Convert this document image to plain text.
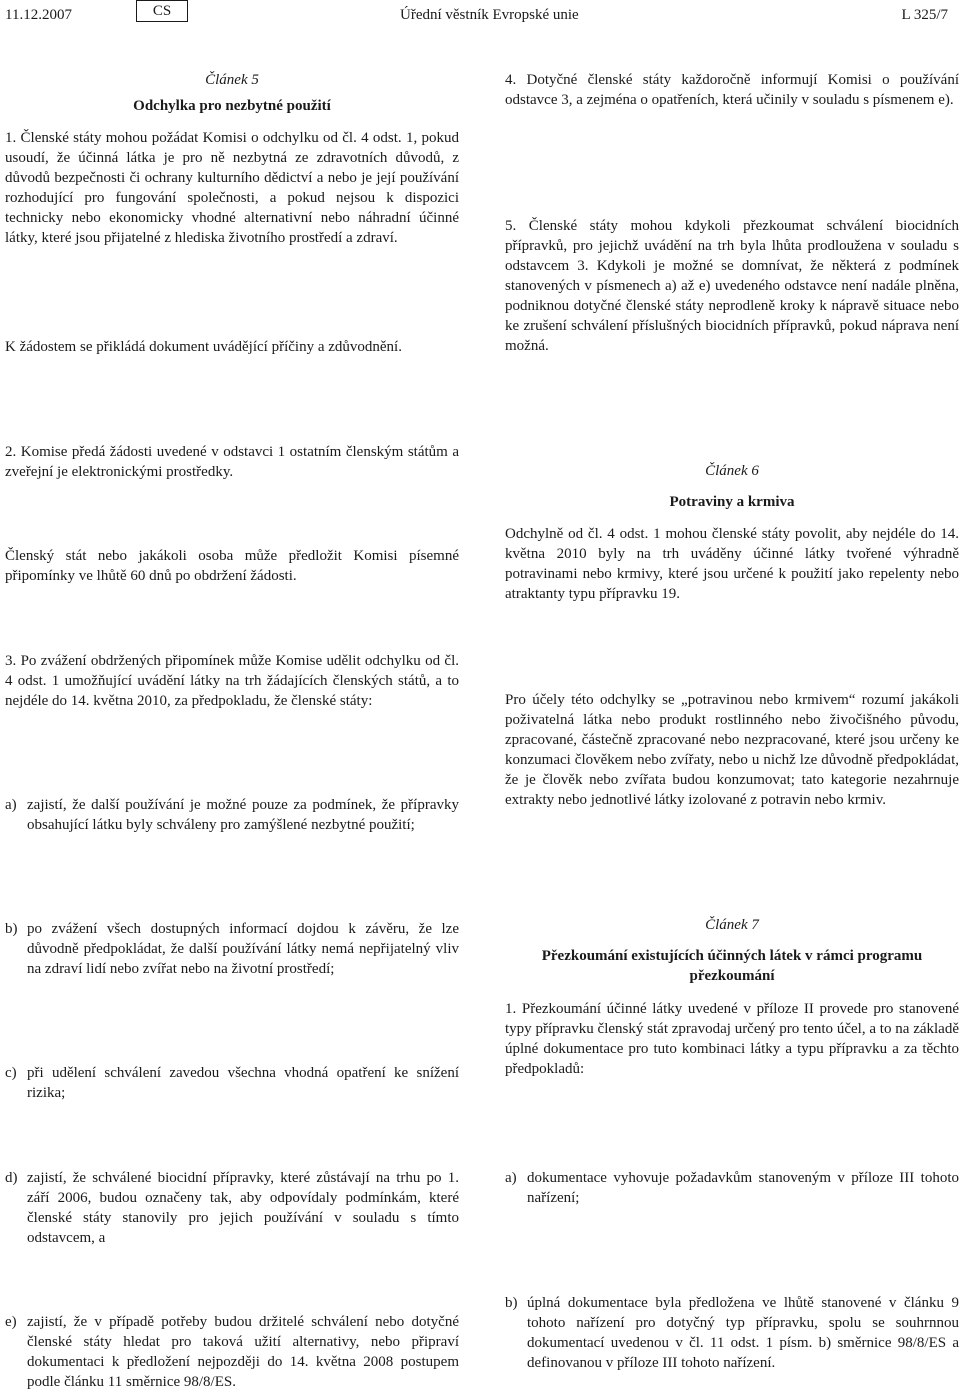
11.12.2007	CS	Úřední věstník Evropské unie	L 325/7
Článek 5
Odchylka pro nezbytné použití
1. Členské státy mohou požádat Komisi o odchylku od čl. 4 odst. 1, pokud usoudí, že účinná látka je pro ně nezbytná ze zdravotních důvodů, z důvodů bezpečnosti či ochrany kulturního dědictví a nebo je její používání rozhodující pro fungování společnosti, a pokud nejsou k dispozici technicky nebo ekonomicky vhodné alternativní nebo náhradní účinné látky, které jsou přijatelné z hlediska životního prostředí a zdraví.
K žádostem se přikládá dokument uvádějící příčiny a zdůvodnění.
2. Komise předá žádosti uvedené v odstavci 1 ostatním členským státům a zveřejní je elektronickými prostředky.
Členský stát nebo jakákoli osoba může předložit Komisi písemné připomínky ve lhůtě 60 dnů po obdržení žádosti.
3. Po zvážení obdržených připomínek může Komise udělit odchylku od čl. 4 odst. 1 umožňující uvádění látky na trh žádajících členských států, a to nejdéle do 14. května 2010, za předpokladu, že členské státy:
a) zajistí, že další používání je možné pouze za podmínek, že přípravky obsahující látku byly schváleny pro zamýšlené nezbytné použití;
b) po zvážení všech dostupných informací dojdou k závěru, že lze důvodně předpokládat, že další používání látky nemá nepřijatelný vliv na zdraví lidí nebo zvířat nebo na životní prostředí;
c) při udělení schválení zavedou všechna vhodná opatření ke snížení rizika;
d) zajistí, že schválené biocidní přípravky, které zůstávají na trhu po 1. září 2006, budou označeny tak, aby odpovídaly podmínkám, které členské státy stanovily pro jejich používání v souladu s tímto odstavcem, a
e) zajistí, že v případě potřeby budou držitelé schválení nebo dotyčné členské státy hledat pro taková užití alternativy, nebo připraví dokumentaci k předložení nejpozději do 14. května 2008 postupem podle článku 11 směrnice 98/8/ES.
4. Dotyčné členské státy každoročně informují Komisi o používání odstavce 3, a zejména o opatřeních, která učinily v souladu s písmenem e).
5. Členské státy mohou kdykoli přezkoumat schválení biocidních přípravků, pro jejichž uvádění na trh byla lhůta prodloužena v souladu s odstavcem 3. Kdykoli je možné se domnívat, že některá z podmínek stanovených v písmenech a) až e) uvedeného odstavce není nadále plněna, podniknou dotyčné členské státy neprodleně kroky k nápravě situace nebo ke zrušení schválení příslušných biocidních přípravků, pokud náprava není možná.
Článek 6
Potraviny a krmiva
Odchylně od čl. 4 odst. 1 mohou členské státy povolit, aby nejdéle do 14. května 2010 byly na trh uváděny účinné látky tvořené výhradně potravinami nebo krmivy, které jsou určené k použití jako repelenty nebo atraktanty typu přípravku 19.
Pro účely této odchylky se „potravinou nebo krmivem“ rozumí jakákoli poživatelná látka nebo produkt rostlinného nebo živočišného původu, zpracované, částečně zpracované nebo nezpracované, které jsou určeny ke konzumaci člověkem nebo zvířaty, nebo u nichž lze důvodně předpokládat, že je člověk nebo zvířata budou konzumovat; tato kategorie nezahrnuje extrakty nebo jednotlivé látky izolované z potravin nebo krmiv.
Článek 7
Přezkoumání existujících účinných látek v rámci programu přezkoumání
1. Přezkoumání účinné látky uvedené v příloze II provede pro stanovené typy přípravku členský stát zpravodaj určený pro tento účel, a to na základě úplné dokumentace pro tuto kombinaci látky a typu přípravku a za těchto předpokladů:
a) dokumentace vyhovuje požadavkům stanoveným v příloze III tohoto nařízení;
b) úplná dokumentace byla předložena ve lhůtě stanovené v článku 9 tohoto nařízení pro dotyčný typ přípravku, spolu se souhrnnou dokumentací uvedenou v čl. 11 odst. 1 písm. b) směrnice 98/8/ES a definovanou v příloze III tohoto nařízení.
